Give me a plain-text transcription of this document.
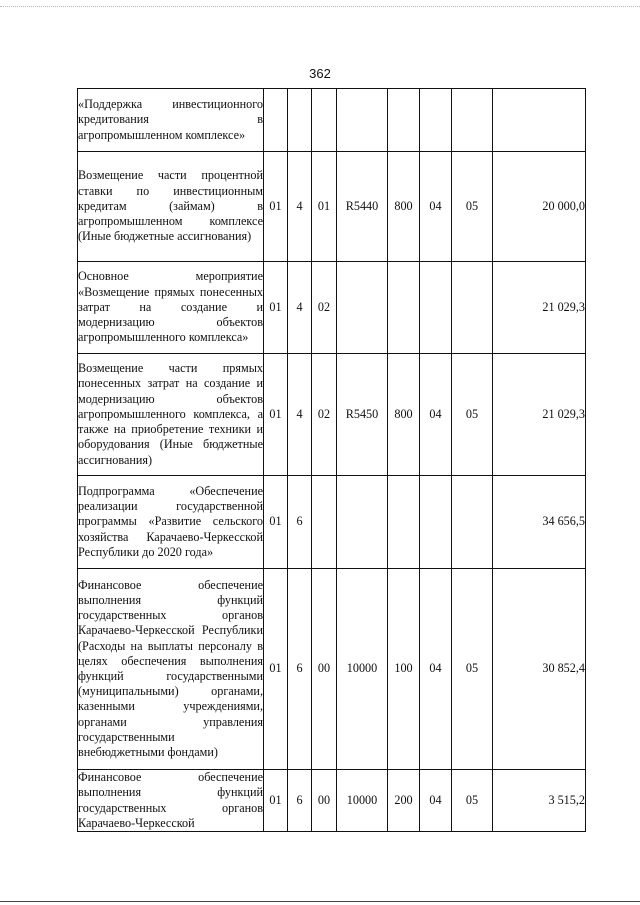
362
«Поддержка инвестиционного кредитования в агропромышленном комплексе»								
Возмещение части процентной ставки по инвестиционным кредитам (займам) в агропромышленном комплексе (Иные бюджетные ассигнования)	01	4	01	R5440	800	04	05	20 000,0
Основное мероприятие «Возмещение прямых понесенных затрат на создание и модернизацию объектов агропромышленного комплекса»	01	4	02					21 029,3
Возмещение части прямых понесенных затрат на создание и модернизацию объектов агропромышленного комплекса, а также на приобретение техники и оборудования (Иные бюджетные ассигнования)	01	4	02	R5450	800	04	05	21 029,3
Подпрограмма «Обеспечение реализации государственной программы «Развитие сельского хозяйства Карачаево-Черкесской Республики до 2020 года»	01	6						34 656,5
Финансовое обеспечение выполнения функций государственных органов Карачаево-Черкесской Республики (Расходы на выплаты персоналу в целях обеспечения выполнения функций государственными (муниципальными) органами, казенными учреждениями, органами управления государственными внебюджетными фондами)	01	6	00	10000	100	04	05	30 852,4
Финансовое обеспечение выполнения функций государственных органов Карачаево-Черкесской	01	6	00	10000	200	04	05	3 515,2
